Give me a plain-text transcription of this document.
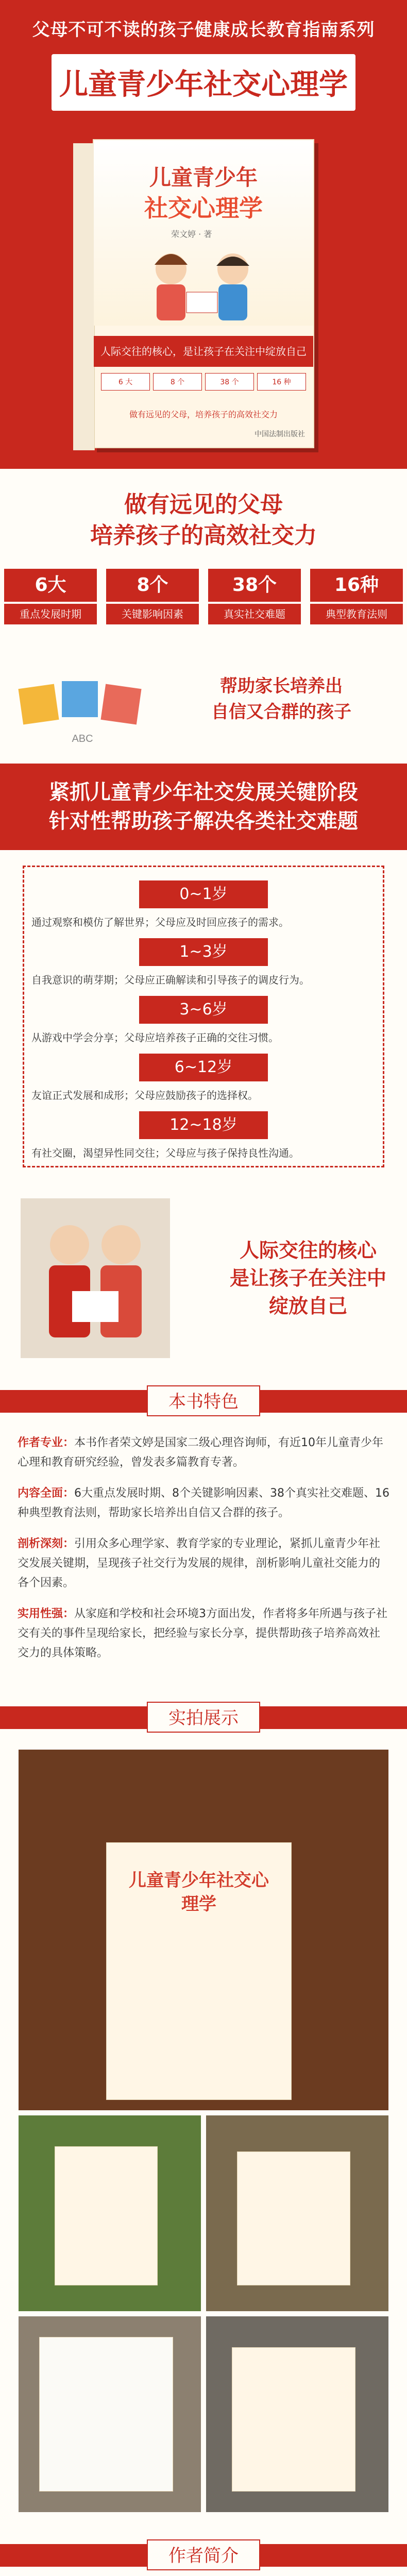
父母不可不读的孩子健康成长教育指南系列
儿童青少年社交心理学
儿童青少年
社交心理学
荣文婷 · 著
人际交往的核心，是让孩子在关注中绽放自己
6 大	8 个	38 个	16 种
做有远见的父母，培养孩子的高效社交力
中国法制出版社
做有远见的父母
培养孩子的高效社交力
6大
重点发展时期
8个
关键影响因素
38个
真实社交难题
16种
典型教育法则
ABC
帮助家长培养出
自信又合群的孩子
紧抓儿童青少年社交发展关键阶段
针对性帮助孩子解决各类社交难题
0~1岁
通过观察和模仿了解世界；父母应及时回应孩子的需求。
1~3岁
自我意识的萌芽期；父母应正确解读和引导孩子的调皮行为。
3~6岁
从游戏中学会分享；父母应培养孩子正确的交往习惯。
6~12岁
友谊正式发展和成形；父母应鼓励孩子的选择权。
12~18岁
有社交圈，渴望异性同交往；父母应与孩子保持良性沟通。
人际交往的核心
是让孩子在关注中
绽放自己
本书特色
作者专业：本书作者荣文婷是国家二级心理咨询师，有近10年儿童青少年心理和教育研究经验，曾发表多篇教育专著。
内容全面：6大重点发展时期、8个关键影响因素、38个真实社交难题、16种典型教育法则，帮助家长培养出自信又合群的孩子。
剖析深刻：引用众多心理学家、教育学家的专业理论，紧抓儿童青少年社交发展关键期，呈现孩子社交行为发展的规律，剖析影响儿童社交能力的各个因素。
实用性强：从家庭和学校和社会环境3方面出发，作者将多年所遇与孩子社交有关的事件呈现给家长，把经验与家长分享，提供帮助孩子培养高效社交力的具体策略。
实拍展示
儿童青少年社交心理学
作者简介
